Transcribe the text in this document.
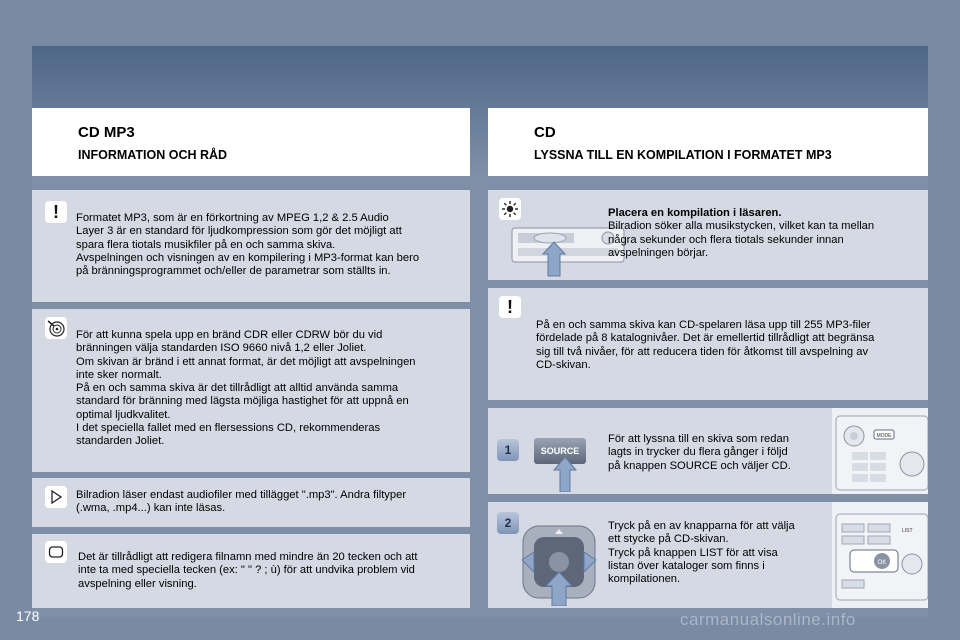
CD MP3
INFORMATION OCH RÅD
CD
LYSSNA TILL EN KOMPILATION I FORMATET MP3
!	Formatet MP3, som är en förkortning av MPEG 1,2 & 2.5 Audio
Layer 3 är en standard för ljudkompression som gör det möjligt att
spara flera tiotals musikfiler på en och samma skiva.
Avspelningen och visningen av en kompilering i MP3-format kan bero
på bränningsprogrammet och/eller de parametrar som ställts in.
För att kunna spela upp en bränd CDR eller CDRW bör du vid
bränningen välja standarden ISO 9660 nivå 1,2 eller Joliet.
Om skivan är bränd i ett annat format, är det möjligt att avspelningen
inte sker normalt.
På en och samma skiva är det tillrådligt att alltid använda samma
standard för bränning med lägsta möjliga hastighet för att uppnå en
optimal ljudkvalitet.
I det speciella fallet med en flersessions CD, rekommenderas
standarden Joliet.
Bilradion läser endast audiofiler med tillägget ".mp3". Andra filtyper
(.wma, .mp4...) kan inte läsas.
Det är tillrådligt att redigera filnamn med mindre än 20 tecken och att
inte ta med speciella tecken (ex: " " ? ; ù) för att undvika problem vid
avspelning eller visning.
Placera en kompilation i läsaren.
Bilradion söker alla musikstycken, vilket kan ta mellan
några sekunder och flera tiotals sekunder innan
avspelningen börjar.
!
På en och samma skiva kan CD-spelaren läsa upp till 255 MP3-filer
fördelade på 8 katalognivåer. Det är emellertid tillrådligt att begränsa
sig till två nivåer, för att reducera tiden för åtkomst till avspelning av
CD-skivan.
1	SOURCE
För att lyssna till en skiva som redan
lagts in trycker du flera gånger i följd
på knappen SOURCE och väljer CD.
MODE
2	Tryck på en av knapparna för att välja
ett stycke på CD-skivan.
Tryck på knappen LIST för att visa
listan över kataloger som finns i
kompilationen.
OK
LIST
178	carmanualsonline.info
